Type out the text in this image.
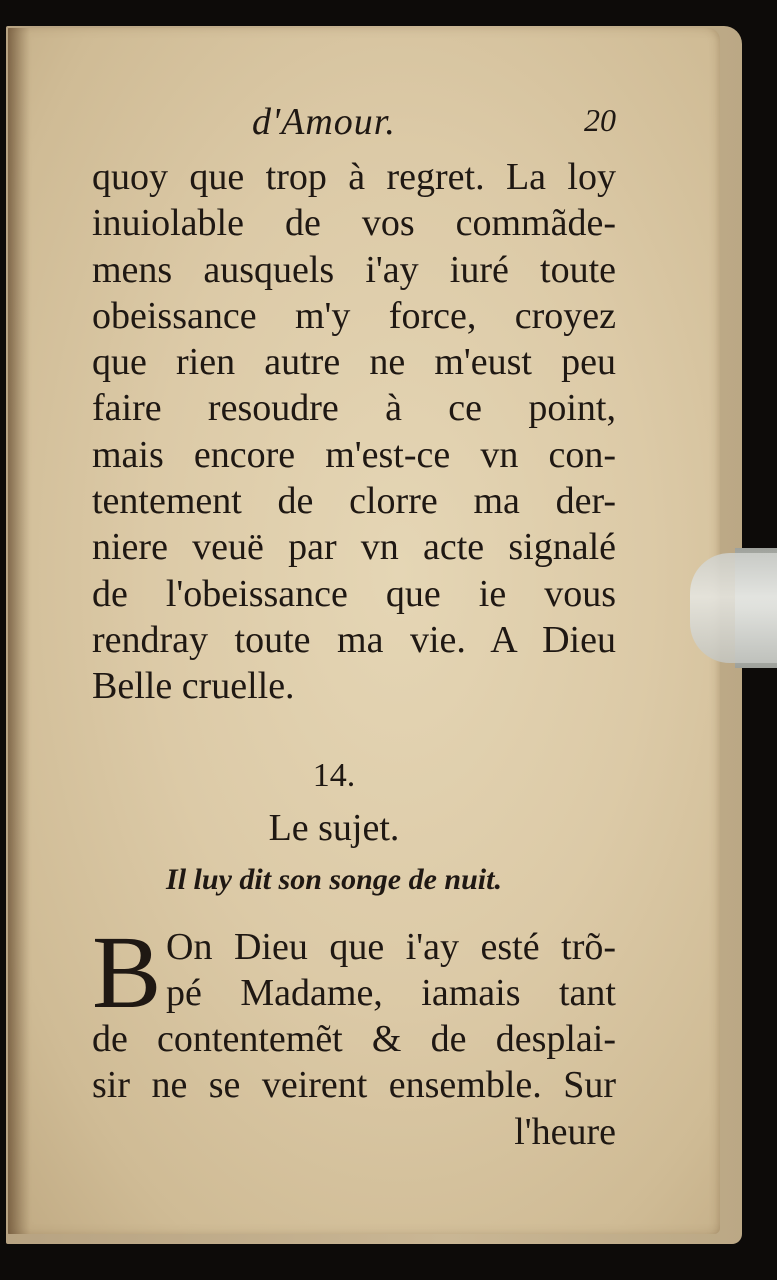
d'Amour.	20
quoy que trop à regret. La loy
inuiolable de vos commãde-
mens ausquels i'ay iuré toute
obeissance m'y force, croyez
que rien autre ne m'eust peu
faire resoudre à ce point,
mais encore m'est-ce vn con-
tentement de clorre ma der-
niere veuë par vn acte signalé
de l'obeissance que ie vous
rendray toute ma vie. A Dieu
Belle cruelle.
14.
Le sujet.
Il luy dit son songe de nuit.
B On Dieu que i'ay esté trõ-
pé Madame, iamais tant
de contentemẽt & de desplai-
sir ne se veirent ensemble. Sur
l'heure
